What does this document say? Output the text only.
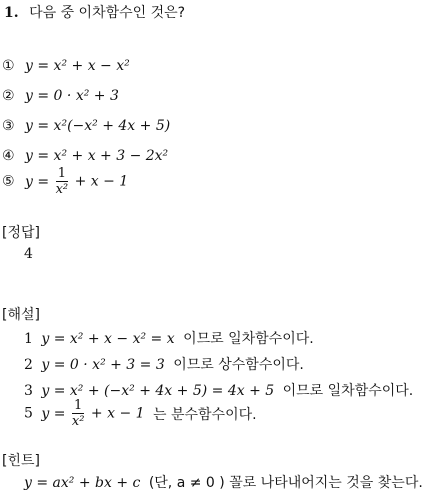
1. 다음 중 이차함수인 것은?
① y = x² + x − x²
② y = 0 · x² + 3
③ y = x²(−x² + 4x + 5)
④ y = x² + x + 3 − 2x²
⑤ $y = \frac{1}{\text{x²}} + x - 1$
[정답]
4
[해설]
1 y = x² + x − x² = x 이므로 일차함수이다.
2 y = 0 · x² + 3 = 3 이므로 상수함수이다.
3 y = x² + (−x² + 4x + 5) = 4x + 5 이므로 일차함수이다.
5 $y = \frac{1}{\text{x²}} + x - 1$ 는 분수함수이다.
[힌트]
y = ax² + bx + c (단, a ≠ 0 ) 꼴로 나타내어지는 것을 찾는다.
